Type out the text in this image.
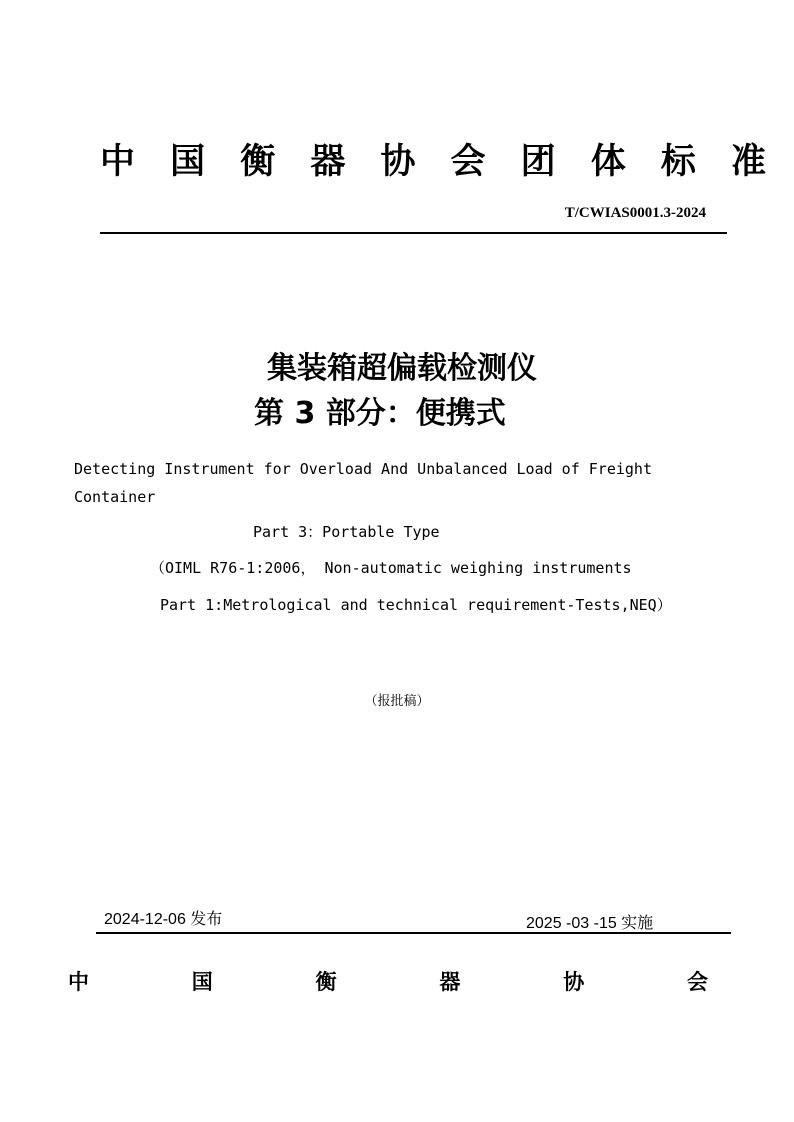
中 国 衡 器 协 会 团 体 标 准
T/CWIAS0001.3-2024
集装箱超偏载检测仪
第 3 部分：便携式
Detecting Instrument for Overload And Unbalanced Load of Freight Container
Part 3：Portable Type
（OIML R76-1:2006， Non-automatic weighing instruments
Part 1:Metrological and technical requirement-Tests,NEQ）
（报批稿）
2024-12-06 发布	2025 -03 -15 实施
中	国	衡	器	协	会
